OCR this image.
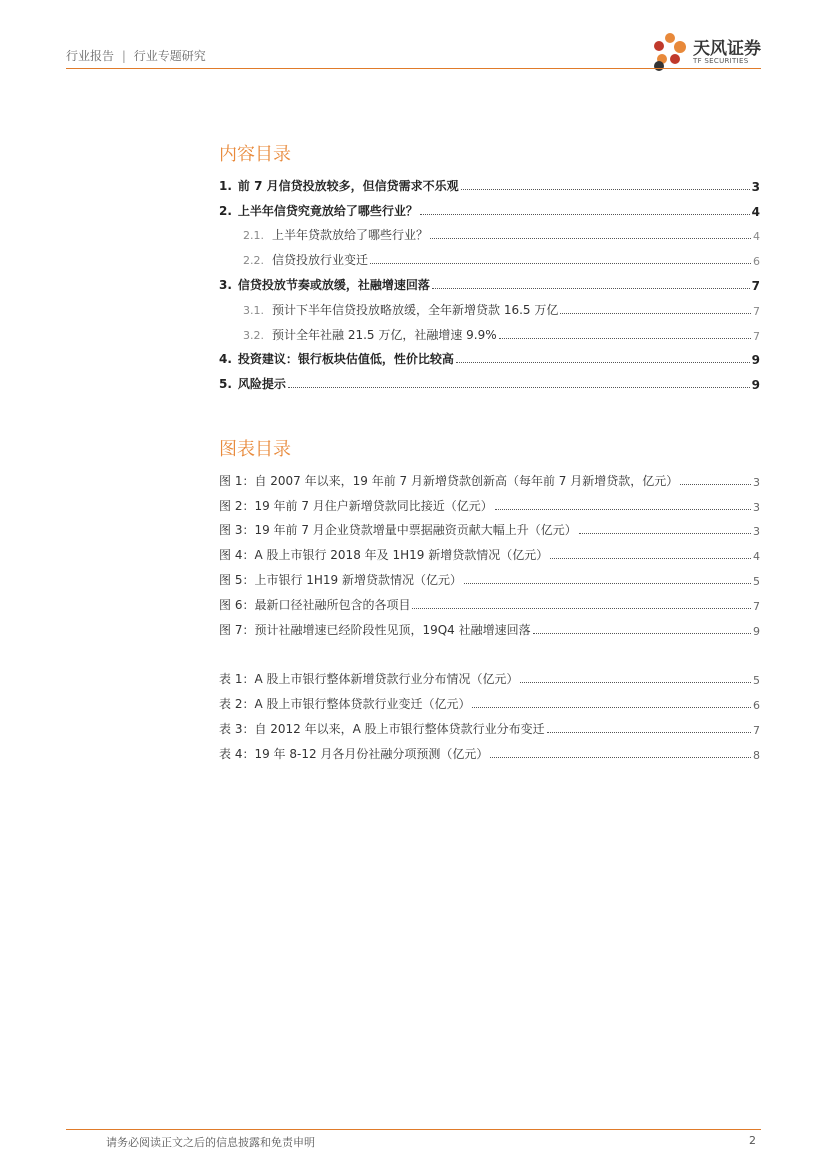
行业报告 | 行业专题研究	天风证券
TF SECURITIES
内容目录
1. 前 7 月信贷投放较多，但信贷需求不乐观	3
2. 上半年信贷究竟放给了哪些行业？	4
2.1. 上半年贷款放给了哪些行业？	4
2.2. 信贷投放行业变迁	6
3. 信贷投放节奏或放缓，社融增速回落	7
3.1. 预计下半年信贷投放略放缓，全年新增贷款 16.5 万亿	7
3.2. 预计全年社融 21.5 万亿，社融增速 9.9%	7
4. 投资建议：银行板块估值低，性价比较高	9
5. 风险提示	9
图表目录
图 1：自 2007 年以来，19 年前 7 月新增贷款创新高（每年前 7 月新增贷款，亿元）	3
图 2：19 年前 7 月住户新增贷款同比接近（亿元）	3
图 3：19 年前 7 月企业贷款增量中票据融资贡献大幅上升（亿元）	3
图 4：A 股上市银行 2018 年及 1H19 新增贷款情况（亿元）	4
图 5：上市银行 1H19 新增贷款情况（亿元）	5
图 6：最新口径社融所包含的各项目	7
图 7：预计社融增速已经阶段性见顶，19Q4 社融增速回落	9
表 1：A 股上市银行整体新增贷款行业分布情况（亿元）	5
表 2：A 股上市银行整体贷款行业变迁（亿元）	6
表 3：自 2012 年以来，A 股上市银行整体贷款行业分布变迁	7
表 4：19 年 8-12 月各月份社融分项预测（亿元）	8
请务必阅读正文之后的信息披露和免责申明	2
